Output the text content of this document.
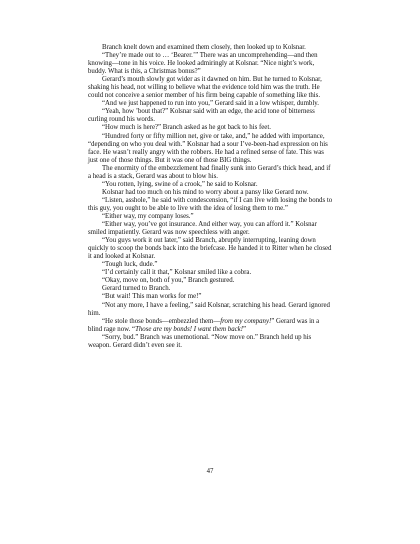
Branch knelt down and examined them closely, then looked up to Kolsnar.

“They’re made out to … ‘Bearer.’” There was an uncomprehending—and then knowing—tone in his voice. He looked admiringly at Kolsnar. “Nice night’s work, buddy. What is this, a Christmas bonus?”

Gerard’s mouth slowly got wider as it dawned on him. But he turned to Kolsnar, shaking his head, not willing to believe what the evidence told him was the truth. He could not conceive a senior member of his firm being capable of something like this.

“And we just happened to run into you,” Gerard said in a low whisper, dumbly.

“Yeah, how ’bout that?” Kolsnar said with an edge, the acid tone of bitterness curling round his words.

“How much is here?” Branch asked as he got back to his feet.

“Hundred forty or fifty million net, give or take, and,” he added with importance, “depending on who you deal with.” Kolsnar had a sour I’ve-been-had expression on his face. He wasn’t really angry with the robbers. He had a refined sense of fate. This was just one of those things. But it was one of those BIG things.

The enormity of the embezzlement had finally sunk into Gerard’s thick head, and if a head is a stack, Gerard was about to blow his.

“You rotten, lying, swine of a crook,” he said to Kolsnar.

Kolsnar had too much on his mind to worry about a pansy like Gerard now.

“Listen, asshole,” he said with condescension, “if I can live with losing the bonds to this guy, you ought to be able to live with the idea of losing them to me.”

“Either way, my company loses.”

“Either way, you’ve got insurance. And either way, you can afford it.” Kolsnar smiled impatiently. Gerard was now speechless with anger.

“You guys work it out later,” said Branch, abruptly interrupting, leaning down quickly to scoop the bonds back into the briefcase. He handed it to Ritter when he closed it and looked at Kolsnar.

“Tough luck, dude.”

“I’d certainly call it that,” Kolsnar smiled like a cobra.

“Okay, move on, both of you,” Branch gestured.

Gerard turned to Branch.

“But wait! This man works for me!”

“Not any more, I have a feeling,” said Kolsnar, scratching his head. Gerard ignored him.

“He stole those bonds—embezzled them—from my company!” Gerard was in a blind rage now. “Those are my bonds! I want them back!”

“Sorry, bud.” Branch was unemotional. “Now move on.” Branch held up his weapon. Gerard didn’t even see it.

47
